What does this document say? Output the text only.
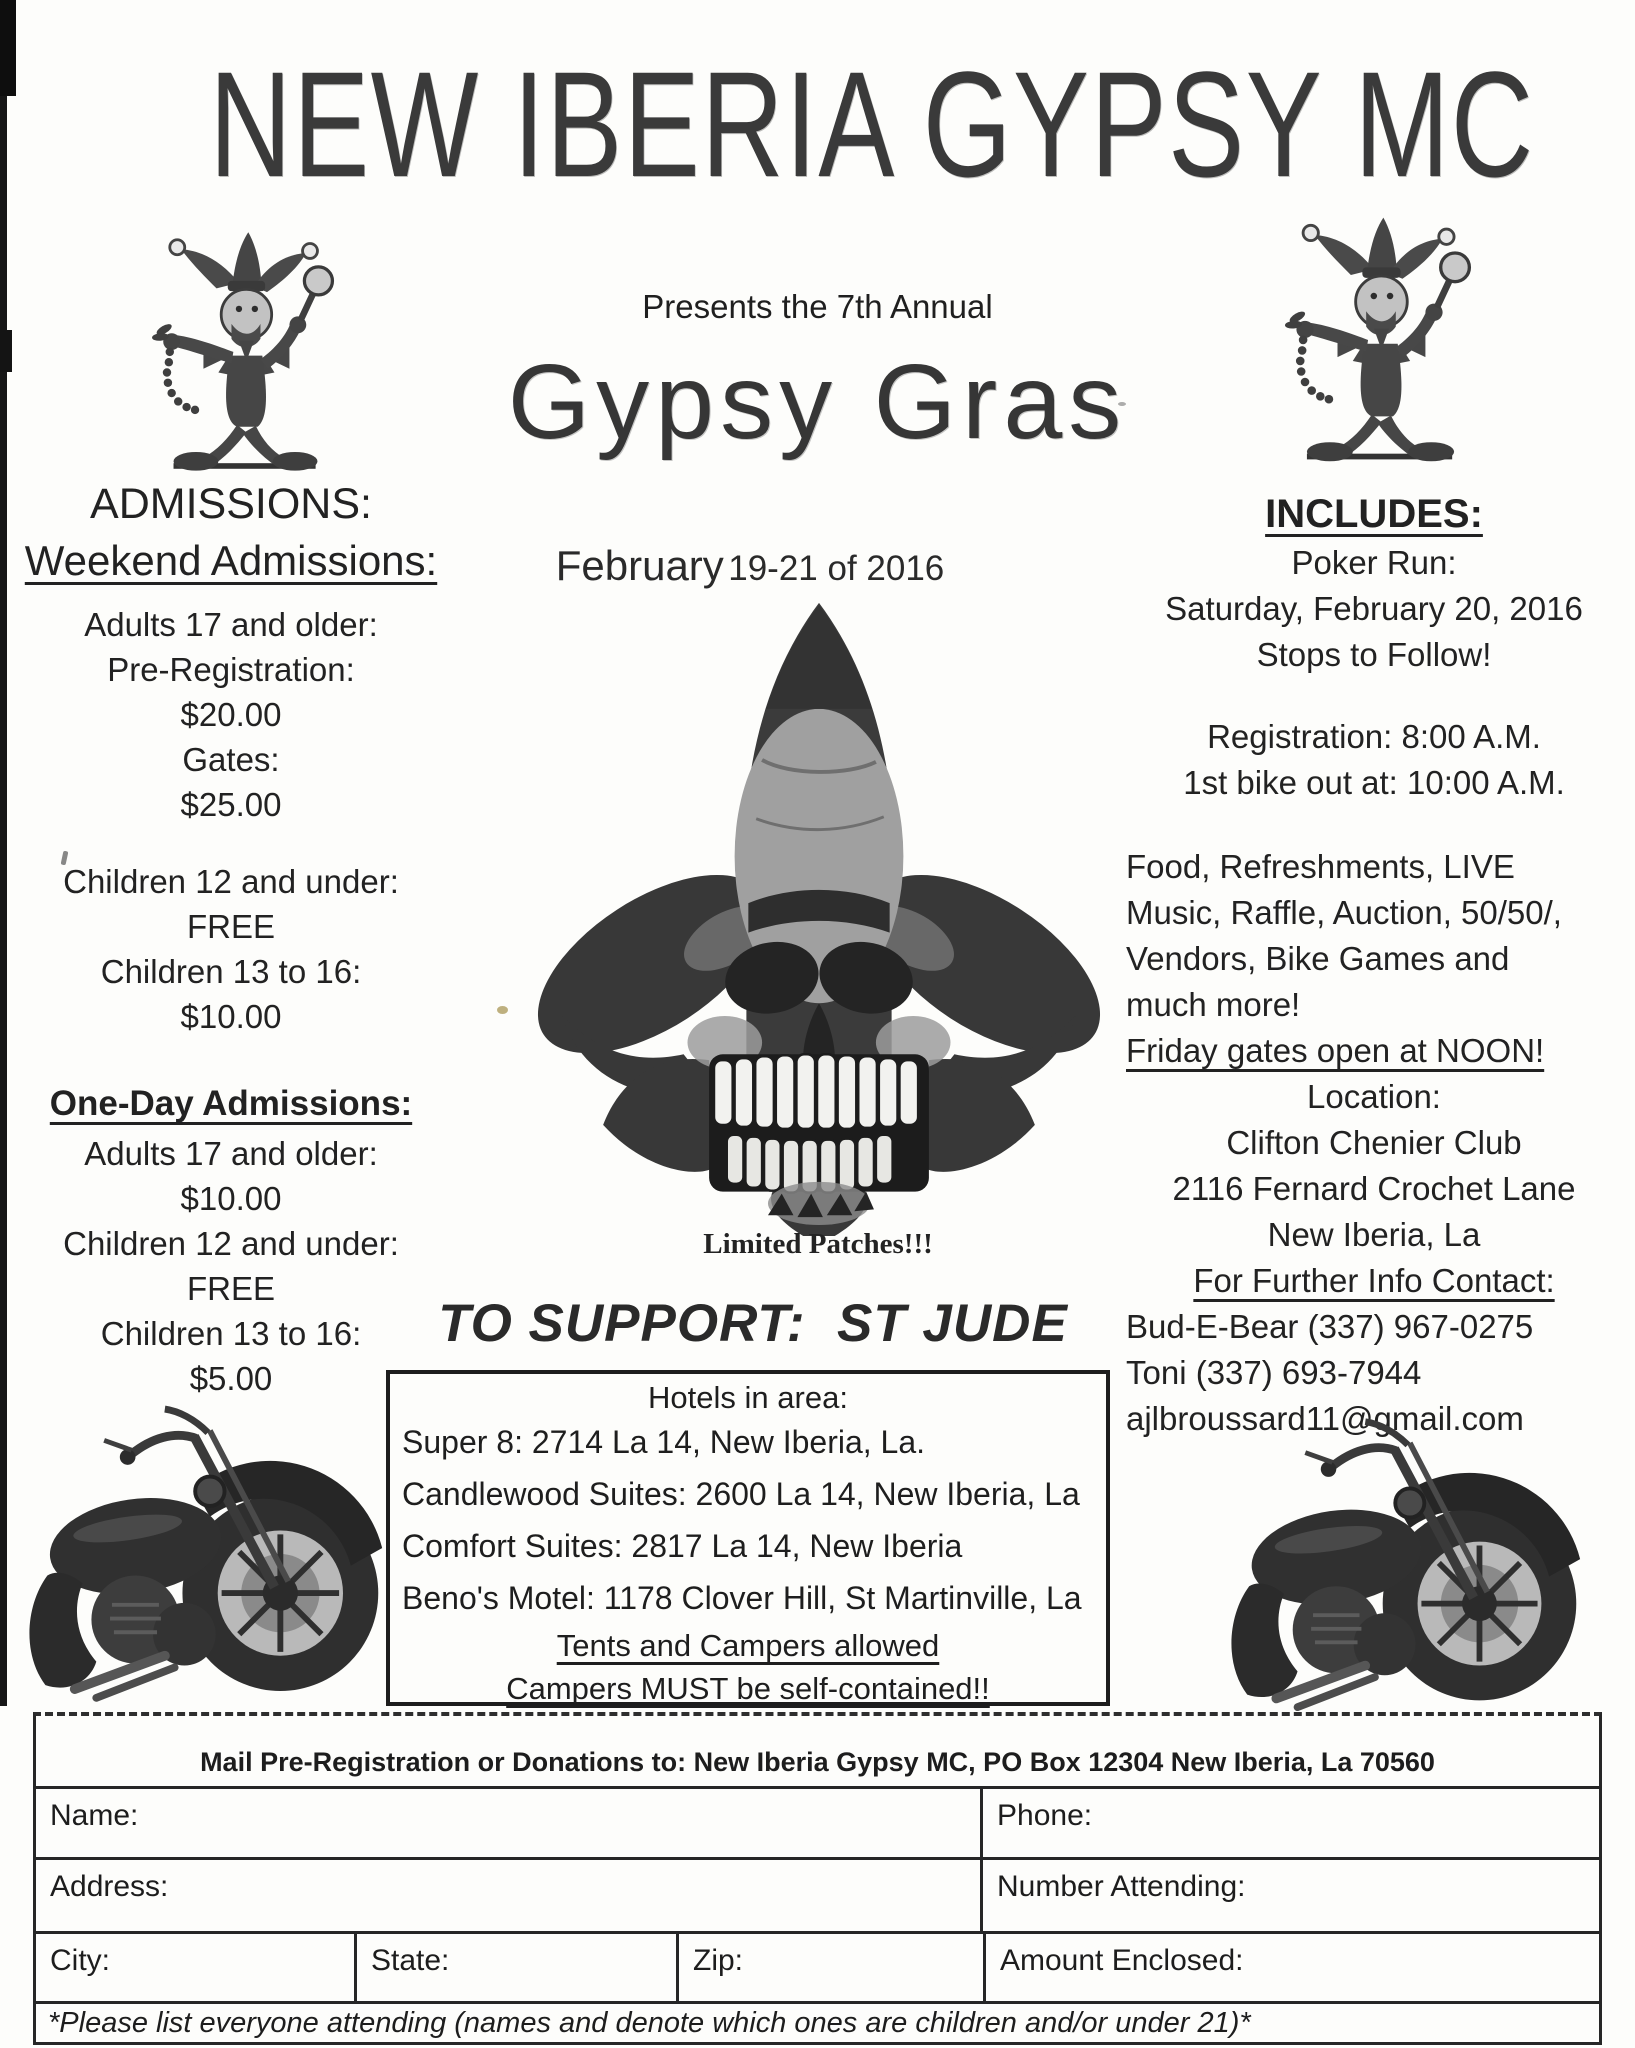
NEW IBERIA GYPSY MC
Presents the 7th Annual
Gypsy Gras
February 19-21 of 2016
ADMISSIONS:
Weekend Admissions:
Adults 17 and older:
Pre-Registration:
$20.00
Gates:
$25.00
Children 12 and under:
FREE
Children 13 to 16:
$10.00
One-Day Admissions:
Adults 17 and older:
$10.00
Children 12 and under:
FREE
Children 13 to 16:
$5.00
Limited Patches!!!
TO SUPPORT:  ST JUDE
Hotels in area:
Super 8: 2714 La 14, New Iberia, La.
Candlewood Suites: 2600 La 14, New Iberia, La
Comfort Suites: 2817 La 14, New Iberia
Beno's Motel: 1178 Clover Hill, St Martinville, La
Tents and Campers allowed
Campers MUST be self-contained!!
INCLUDES:
Poker Run:
Saturday, February 20, 2016
Stops to Follow!
Registration: 8:00 A.M.
1st bike out at: 10:00 A.M.
Food, Refreshments, LIVE
Music, Raffle, Auction, 50/50/,
Vendors, Bike Games and
much more!
Friday gates open at NOON!
Location:
Clifton Chenier Club
2116 Fernard Crochet Lane
New Iberia, La
For Further Info Contact:
Bud-E-Bear (337) 967-0275
Toni (337) 693-7944
ajlbroussard11@gmail.com
Mail Pre-Registration or Donations to: New Iberia Gypsy MC, PO Box 12304 New Iberia, La 70560
Name:	Phone:
Address:	Number Attending:
City:	State:	Zip:	Amount Enclosed:
*Please list everyone attending (names and denote which ones are children and/or under 21)*
